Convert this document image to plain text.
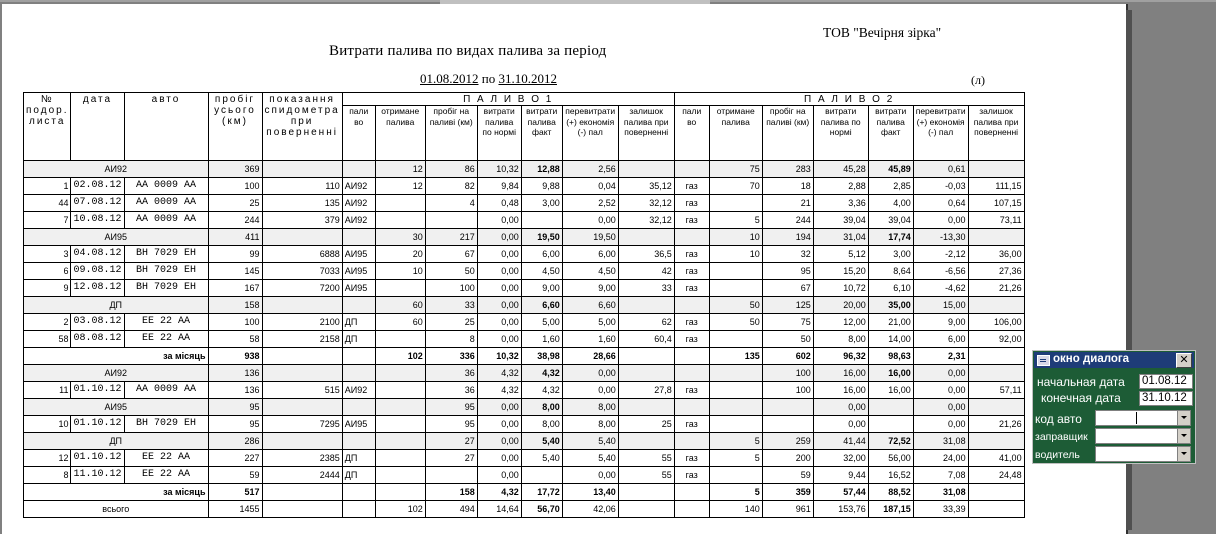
ТОВ "Вечірня зірка"
Витрати палива по видах палива за період
01.08.2012 по 31.10.2012	(л)
№ подор. листа	дата	авто	пробіг усього (км)	показання спидометра при поверненні	П А Л И В О 1							П А Л И В О 2						
					пали во	отримане палива	пробіг на паливі (км)	витрати палива по нормі	витрати палива факт	перевитрати (+) економія (-) пал	залишок палива при поверненні	пали во	отримане палива	пробіг на паливі (км)	витрати палива по нормі	витрати палива факт	перевитрати (+) економія (-) пал	залишок палива при поверненні
АИ92			369			12	86	10,32	12,88	2,56			75	283	45,28	45,89	0,61	
1	02.08.12	АА 0009 АА	100	110	АИ92	12	82	9,84	9,88	0,04	35,12	газ	70	18	2,88	2,85	-0,03	111,15
44	07.08.12	АА 0009 АА	25	135	АИ92		4	0,48	3,00	2,52	32,12	газ		21	3,36	4,00	0,64	107,15
7	10.08.12	АА 0009 АА	244	379	АИ92			0,00		0,00	32,12	газ	5	244	39,04	39,04	0,00	73,11
АИ95			411			30	217	0,00	19,50	19,50			10	194	31,04	17,74	-13,30	
3	04.08.12	ВН 7029 ЕН	99	6888	АИ95	20	67	0,00	6,00	6,00	36,5	газ	10	32	5,12	3,00	-2,12	36,00
6	09.08.12	ВН 7029 ЕН	145	7033	АИ95	10	50	0,00	4,50	4,50	42	газ		95	15,20	8,64	-6,56	27,36
9	12.08.12	ВН 7029 ЕН	167	7200	АИ95		100	0,00	9,00	9,00	33	газ		67	10,72	6,10	-4,62	21,26
ДП			158			60	33	0,00	6,60	6,60			50	125	20,00	35,00	15,00	
2	03.08.12	ЕЕ 22 АА	100	2100	ДП	60	25	0,00	5,00	5,00	62	газ	50	75	12,00	21,00	9,00	106,00
58	08.08.12	ЕЕ 22 АА	58	2158	ДП		8	0,00	1,60	1,60	60,4	газ		50	8,00	14,00	6,00	92,00
за місяць			938			102	336	10,32	38,98	28,66			135	602	96,32	98,63	2,31	
АИ92			136				36	4,32	4,32	0,00				100	16,00	16,00	0,00	
11	01.10.12	АА 0009 АА	136	515	АИ92		36	4,32	4,32	0,00	27,8	газ		100	16,00	16,00	0,00	57,11
АИ95			95				95	0,00	8,00	8,00					0,00		0,00	
10	01.10.12	ВН 7029 ЕН	95	7295	АИ95		95	0,00	8,00	8,00	25	газ			0,00		0,00	21,26
ДП			286				27	0,00	5,40	5,40			5	259	41,44	72,52	31,08	
12	01.10.12	ЕЕ 22 АА	227	2385	ДП		27	0,00	5,40	5,40	55	газ	5	200	32,00	56,00	24,00	41,00
8	11.10.12	ЕЕ 22 АА	59	2444	ДП			0,00		0,00	55	газ		59	9,44	16,52	7,08	24,48
за місяць			517				158	4,32	17,72	13,40			5	359	57,44	88,52	31,08	
всього			1455			102	494	14,64	56,70	42,06			140	961	153,76	187,15	33,39	
окно диалога	✕
начальная дата 01.08.12
конечная дата 31.10.12
код авто
заправщик
водитель
